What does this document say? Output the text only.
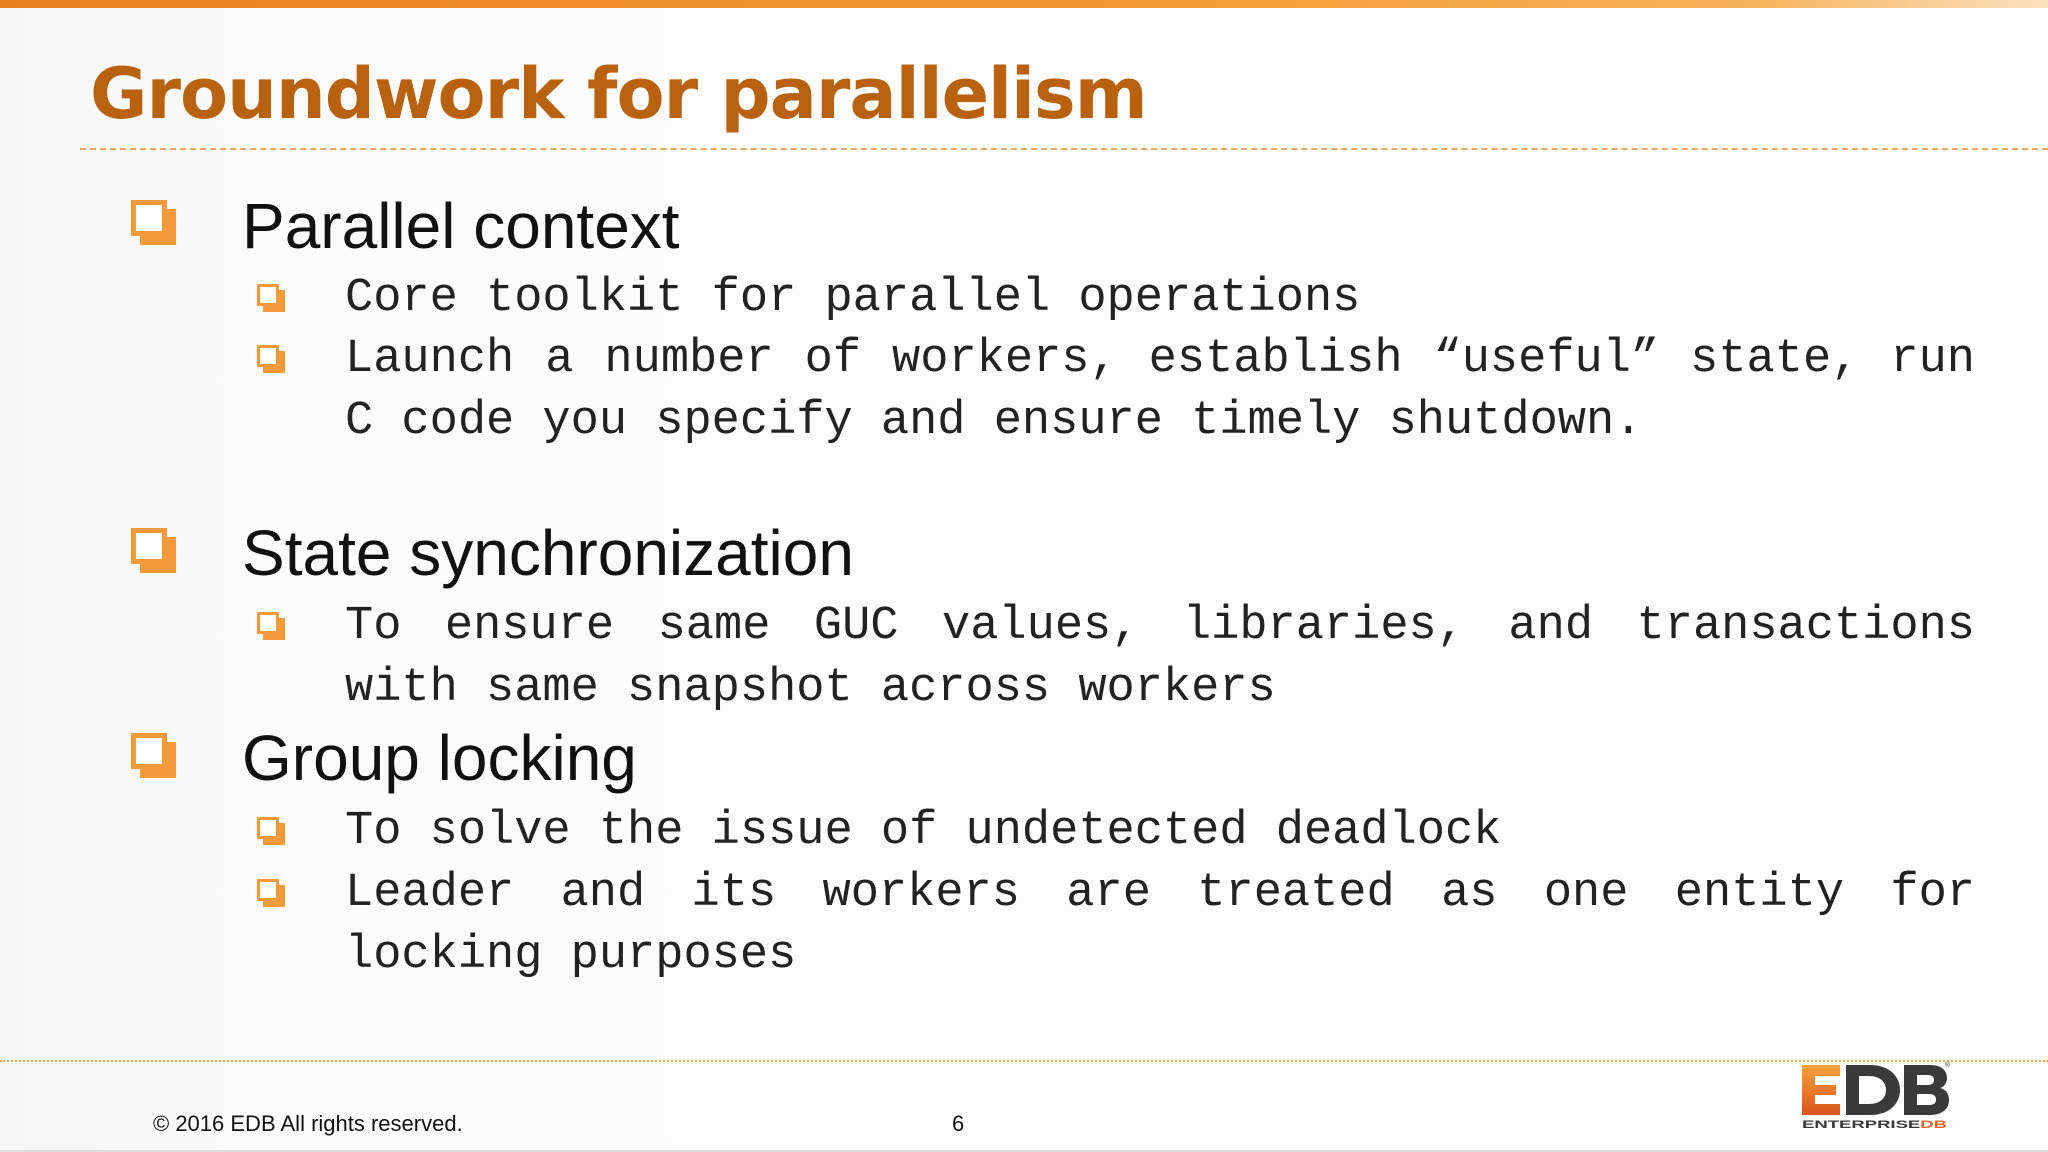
Groundwork for parallelism
Parallel context
Core toolkit for parallel operations
Launch a number of workers, establish “useful” state, run C code you specify and ensure timely shutdown.
State synchronization
To ensure same GUC values, libraries, and transactions with same snapshot across workers
Group locking
To solve the issue of undetected deadlock
Leader and its workers are treated as one entity for locking purposes
© 2016 EDB All rights reserved.	6
®
ENTERPRISE	DB
